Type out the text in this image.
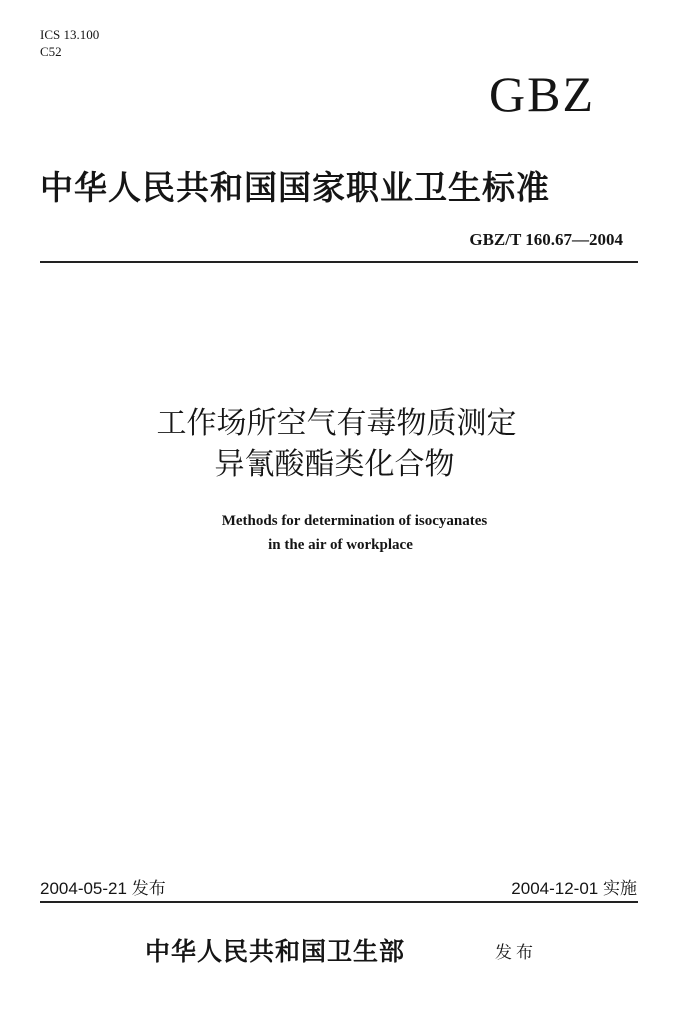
ICS 13.100
C52
GBZ
中华人民共和国国家职业卫生标准
GBZ/T 160.67—2004
工作场所空气有毒物质测定
异氰酸酯类化合物
Methods for determination of isocyanates
in the air of workplace
2004-05-21 发布	2004-12-01 实施
中华人民共和国卫生部	发布
